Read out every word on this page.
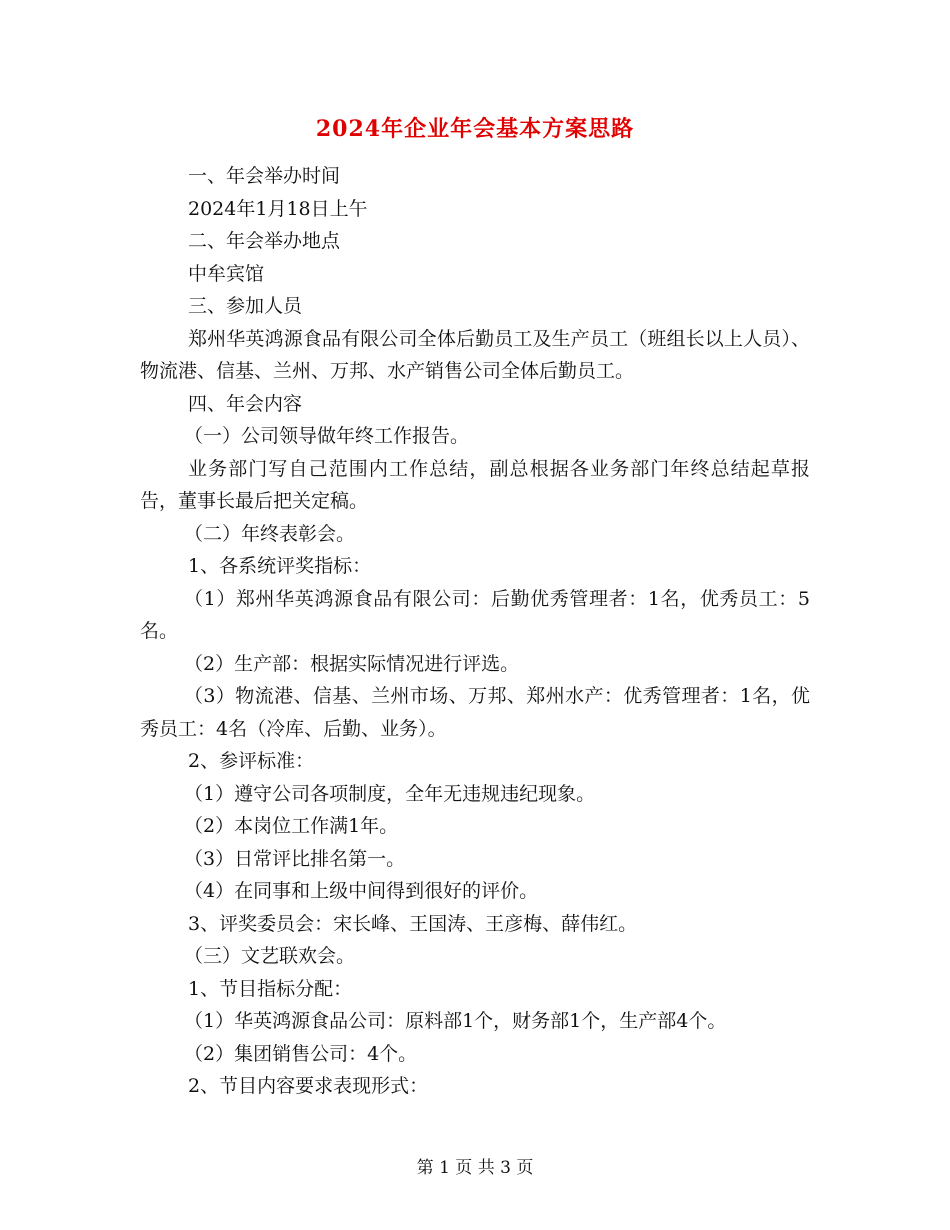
2024年企业年会基本方案思路

一、年会举办时间

2024年1月18日上午

二、年会举办地点

中牟宾馆

三、参加人员

郑州华英鸿源食品有限公司全体后勤员工及生产员工（班组长以上人员）、物流港、信基、兰州、万邦、水产销售公司全体后勤员工。

四、年会内容

（一）公司领导做年终工作报告。

业务部门写自己范围内工作总结，副总根据各业务部门年终总结起草报告，董事长最后把关定稿。

（二）年终表彰会。

1、各系统评奖指标：

（1）郑州华英鸿源食品有限公司：后勤优秀管理者：1名，优秀员工：5名。

（2）生产部：根据实际情况进行评选。

（3）物流港、信基、兰州市场、万邦、郑州水产：优秀管理者：1名，优秀员工：4名（冷库、后勤、业务）。

2、参评标准：

（1）遵守公司各项制度，全年无违规违纪现象。

（2）本岗位工作满1年。

（3）日常评比排名第一。

（4）在同事和上级中间得到很好的评价。

3、评奖委员会：宋长峰、王国涛、王彦梅、薛伟红。

（三）文艺联欢会。

1、节目指标分配：

（1）华英鸿源食品公司：原料部1个，财务部1个，生产部4个。

（2）集团销售公司：4个。

2、节目内容要求表现形式：

第 1 页 共 3 页
